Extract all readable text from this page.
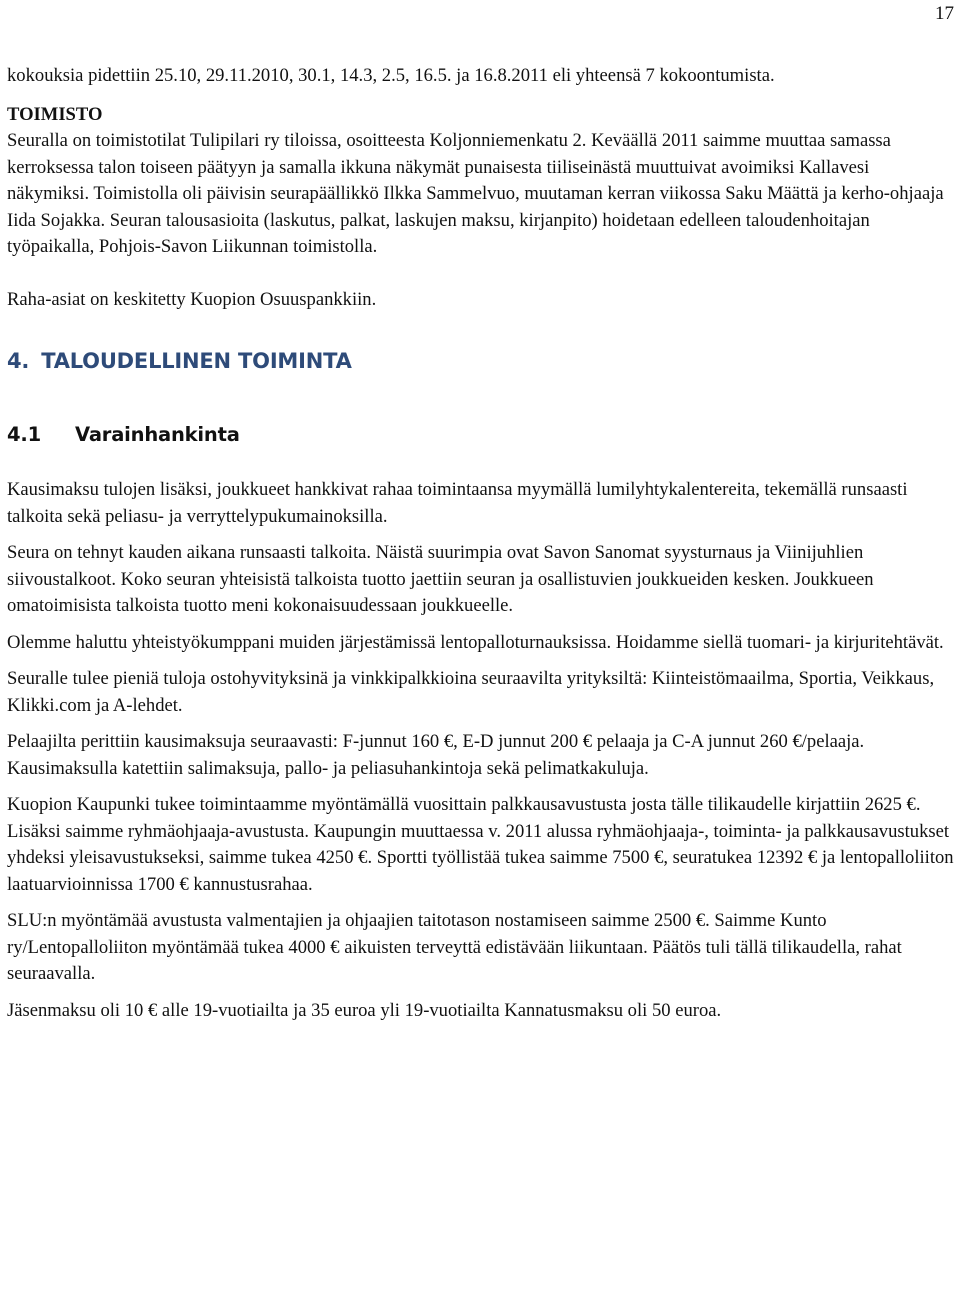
17

kokouksia pidettiin 25.10, 29.11.2010, 30.1, 14.3, 2.5, 16.5. ja 16.8.2011 eli yhteensä 7 kokoontumista.

TOIMISTO

Seuralla on toimistotilat Tulipilari ry tiloissa, osoitteesta Koljonniemenkatu 2. Keväällä 2011 saimme muuttaa samassa kerroksessa talon toiseen päätyyn ja samalla ikkuna näkymät punaisesta tiiliseinästä muuttuivat avoimiksi Kallavesi näkymiksi. Toimistolla oli päivisin seurapäällikkö Ilkka Sammelvuo, muutaman kerran viikossa Saku Määttä ja kerho-ohjaaja Iida Sojakka. Seuran talousasioita (laskutus, palkat, laskujen maksu, kirjanpito) hoidetaan edelleen taloudenhoitajan työpaikalla, Pohjois-Savon Liikunnan toimistolla.

Raha-asiat on keskitetty Kuopion Osuuspankkiin.

4. TALOUDELLINEN TOIMINTA
4.1 Varainhankinta

Kausimaksu tulojen lisäksi, joukkueet hankkivat rahaa toimintaansa myymällä lumilyhtykalentereita, tekemällä runsaasti talkoita sekä peliasu- ja verryttelypukumainoksilla.

Seura on tehnyt kauden aikana runsaasti talkoita. Näistä suurimpia ovat Savon Sanomat syysturnaus ja Viinijuhlien siivoustalkoot. Koko seuran yhteisistä talkoista tuotto jaettiin seuran ja osallistuvien joukkueiden kesken. Joukkueen omatoimisista talkoista tuotto meni kokonaisuudessaan joukkueelle.

Olemme haluttu yhteistyökumppani muiden järjestämissä lentopalloturnauksissa. Hoidamme siellä tuomari- ja kirjuritehtävät.

Seuralle tulee pieniä tuloja ostohyvityksinä ja vinkkipalkkioina seuraavilta yrityksiltä: Kiinteistömaailma, Sportia, Veikkaus, Klikki.com ja A-lehdet.

Pelaajilta perittiin kausimaksuja seuraavasti: F-junnut 160 €, E-D junnut 200 € pelaaja ja C-A junnut 260 €/pelaaja. Kausimaksulla katettiin salimaksuja, pallo- ja peliasuhankintoja sekä pelimatkakuluja.

Kuopion Kaupunki tukee toimintaamme myöntämällä vuosittain palkkausavustusta josta tälle tilikaudelle kirjattiin 2625 €. Lisäksi saimme ryhmäohjaaja-avustusta. Kaupungin muuttaessa v. 2011 alussa ryhmäohjaaja-, toiminta- ja palkkausavustukset yhdeksi yleisavustukseksi, saimme tukea 4250 €. Sportti työllistää tukea saimme 7500 €, seuratukea 12392 € ja lentopalloliiton laatuarvioinnissa 1700 € kannustusrahaa.

SLU:n myöntämää avustusta valmentajien ja ohjaajien taitotason nostamiseen saimme 2500 €. Saimme Kunto ry/Lentopalloliiton myöntämää tukea 4000 € aikuisten terveyttä edistävään liikuntaan. Päätös tuli tällä tilikaudella, rahat seuraavalla.

Jäsenmaksu oli 10 € alle 19-vuotiailta ja 35 euroa yli 19-vuotiailta Kannatusmaksu oli 50 euroa.
